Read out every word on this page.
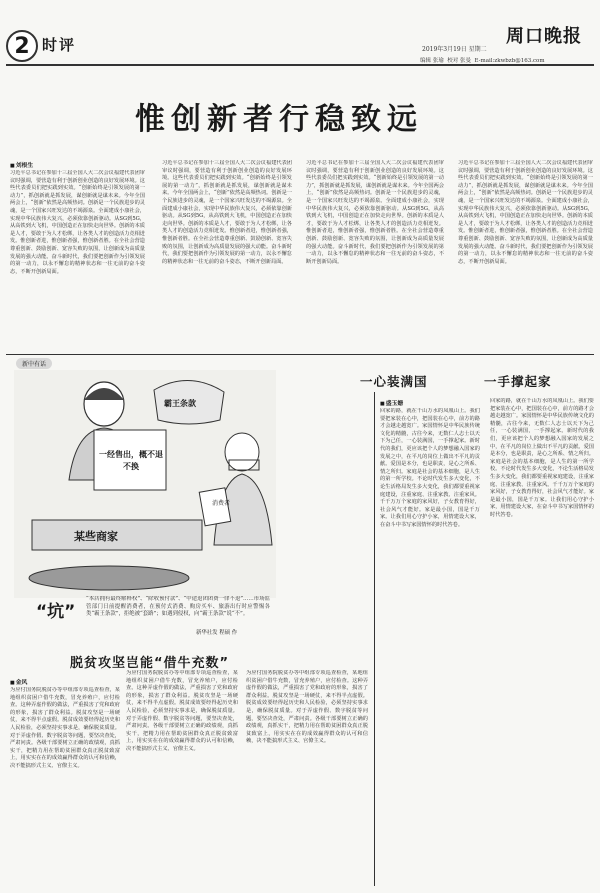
2 时评	周口晚报
2019年3月19日 星期二
编辑 张瑜 校对 张曼 E-mail:zkwbzb@163.com
惟创新者行稳致远
■ 刘根生
习近平总书记在参加十三届全国人大二次会议福建代表团审议时强调，要营造有利于创新创业创造的良好发展环境。这些代表委员们把实践到实效。“创新始终是引领发展的第一动力”，抓创新就是抓发展，谋创新就是谋未来。今年全国两会上，“创新”依然是高频热词。创新是一个民族进步的灵魂，是一个国家兴旺发达的不竭源泉。全面建成小康社会，实现中华民族伟大复兴，必须依靠创新驱动。从SG到5G，从高铁到大飞机，中国创造正在加快走向世界。创新的本质是人才，要敢于为人才松绑，让各类人才的创造活力竞相迸发。惟创新者进，惟创新者强，惟创新者胜。在全社会营造尊重创新、鼓励创新、宽容失败的氛围，让创新成为高质量发展的强大动能。奋斗新时代，我们要把创新作为引领发展的第一动力，以永不懈怠的精神状态和一往无前的奋斗姿态，不断开创新局面。
习近平总书记在参加十三届全国人大二次会议福建代表团审议时强调，要营造有利于创新创业创造的良好发展环境。这些代表委员们把实践到实效。“创新始终是引领发展的第一动力”，抓创新就是抓发展，谋创新就是谋未来。今年全国两会上，“创新”依然是高频热词。创新是一个民族进步的灵魂，是一个国家兴旺发达的不竭源泉。全面建成小康社会，实现中华民族伟大复兴，必须依靠创新驱动。从SG到5G，从高铁到大飞机，中国创造正在加快走向世界。创新的本质是人才，要敢于为人才松绑，让各类人才的创造活力竞相迸发。惟创新者进，惟创新者强，惟创新者胜。在全社会营造尊重创新、鼓励创新、宽容失败的氛围，让创新成为高质量发展的强大动能。奋斗新时代，我们要把创新作为引领发展的第一动力，以永不懈怠的精神状态和一往无前的奋斗姿态，不断开创新局面。
习近平总书记在参加十三届全国人大二次会议福建代表团审议时强调，要营造有利于创新创业创造的良好发展环境。这些代表委员们把实践到实效。“创新始终是引领发展的第一动力”，抓创新就是抓发展，谋创新就是谋未来。今年全国两会上，“创新”依然是高频热词。创新是一个民族进步的灵魂，是一个国家兴旺发达的不竭源泉。全面建成小康社会，实现中华民族伟大复兴，必须依靠创新驱动。从SG到5G，从高铁到大飞机，中国创造正在加快走向世界。创新的本质是人才，要敢于为人才松绑，让各类人才的创造活力竞相迸发。惟创新者进，惟创新者强，惟创新者胜。在全社会营造尊重创新、鼓励创新、宽容失败的氛围，让创新成为高质量发展的强大动能。奋斗新时代，我们要把创新作为引领发展的第一动力，以永不懈怠的精神状态和一往无前的奋斗姿态，不断开创新局面。
习近平总书记在参加十三届全国人大二次会议福建代表团审议时强调，要营造有利于创新创业创造的良好发展环境。这些代表委员们把实践到实效。“创新始终是引领发展的第一动力”，抓创新就是抓发展，谋创新就是谋未来。今年全国两会上，“创新”依然是高频热词。创新是一个民族进步的灵魂，是一个国家兴旺发达的不竭源泉。全面建成小康社会，实现中华民族伟大复兴，必须依靠创新驱动。从SG到5G，从高铁到大飞机，中国创造正在加快走向世界。创新的本质是人才，要敢于为人才松绑，让各类人才的创造活力竞相迸发。惟创新者进，惟创新者强，惟创新者胜。在全社会营造尊重创新、鼓励创新、宽容失败的氛围，让创新成为高质量发展的强大动能。奋斗新时代，我们要把创新作为引领发展的第一动力，以永不懈怠的精神状态和一往无前的奋斗姿态，不断开创新局面。
新中有话
一经售出，概不退不换
霸王条款
消费者
某些商家
“坑”
“本店拥有最终解释权”、“除收预付款”、“中途退团团费一律不退”……市场监管部门日前提醒消费者，在预付式消费、购房买车、旅游出行时应警惕各类“霸王条款”，拒绝被“套路”；如遇到侵权，向“霸王条款”说“不”。
新华社发 程硕 作
一心装满国	一手撑起家
■ 盛玉姗
回家的路，就在千山万水的凤凰山上。我们要把家装在心中，把国装在心中，前方的路才会越走越宽广。家国情怀是中华民族传统文化的精髓，古往今来，无数仁人志士以天下为己任，一心装满国，一手撑起家。新时代的我们，更应该把个人的梦想融入国家的发展之中，在平凡的岗位上做出不平凡的贡献。爱国是本分，也是职责，是心之所系、情之所归。家庭是社会的基本细胞，是人生的第一所学校。不论时代发生多大变化，不论生活格局发生多大变化，我们都要重视家庭建设，注重家庭、注重家教、注重家风。千千万万个家庭的家风好，子女教育得好，社会风气才能好。家是最小国，国是千万家。让我们用心守护小家，用情建设大家，在奋斗中书写家国情怀的时代答卷。
回家的路，就在千山万水的凤凰山上。我们要把家装在心中，把国装在心中，前方的路才会越走越宽广。家国情怀是中华民族传统文化的精髓，古往今来，无数仁人志士以天下为己任，一心装满国，一手撑起家。新时代的我们，更应该把个人的梦想融入国家的发展之中，在平凡的岗位上做出不平凡的贡献。爱国是本分，也是职责，是心之所系、情之所归。家庭是社会的基本细胞，是人生的第一所学校。不论时代发生多大变化，不论生活格局发生多大变化，我们都要重视家庭建设，注重家庭、注重家教、注重家风。千千万万个家庭的家风好，子女教育得好，社会风气才能好。家是最小国，国是千万家。让我们用心守护小家，用情建设大家，在奋斗中书写家国情怀的时代答卷。
脱贫攻坚岂能“借牛充数”
■ 金风
为应付国务院脱贫办等中组部专项巡查检查，某地组织贫困户借牛充数，冒充养殖户，应付检查。这种弄虚作假的做法，严重损害了党和政府的形象，损害了群众利益。脱贫攻坚是一场硬仗，来不得半点虚假。脱贫成效要经得起历史和人民检验，必须坚持实事求是，确保脱贫质量。对于弄虚作假、数字脱贫等问题，要坚决查处，严肃问责。各级干部要树立正确的政绩观，真抓实干，把精力用在帮助贫困群众真正脱贫致富上，用实实在在的成效赢得群众的认可和信赖，决不能搞形式主义、官僚主义。
为应付国务院脱贫办等中组部专项巡查检查，某地组织贫困户借牛充数，冒充养殖户，应付检查。这种弄虚作假的做法，严重损害了党和政府的形象，损害了群众利益。脱贫攻坚是一场硬仗，来不得半点虚假。脱贫成效要经得起历史和人民检验，必须坚持实事求是，确保脱贫质量。对于弄虚作假、数字脱贫等问题，要坚决查处，严肃问责。各级干部要树立正确的政绩观，真抓实干，把精力用在帮助贫困群众真正脱贫致富上，用实实在在的成效赢得群众的认可和信赖，决不能搞形式主义、官僚主义。
为应付国务院脱贫办等中组部专项巡查检查，某地组织贫困户借牛充数，冒充养殖户，应付检查。这种弄虚作假的做法，严重损害了党和政府的形象，损害了群众利益。脱贫攻坚是一场硬仗，来不得半点虚假。脱贫成效要经得起历史和人民检验，必须坚持实事求是，确保脱贫质量。对于弄虚作假、数字脱贫等问题，要坚决查处，严肃问责。各级干部要树立正确的政绩观，真抓实干，把精力用在帮助贫困群众真正脱贫致富上，用实实在在的成效赢得群众的认可和信赖，决不能搞形式主义、官僚主义。
